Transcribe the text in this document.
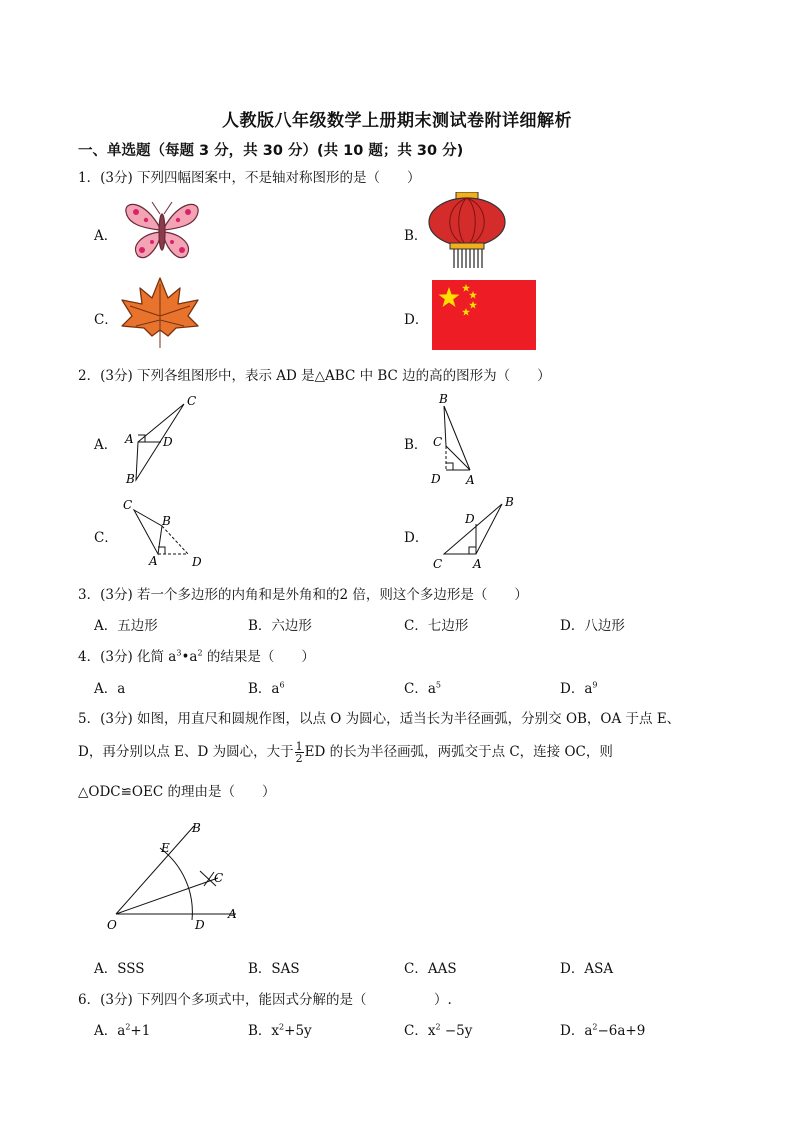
人教版八年级数学上册期末测试卷附详细解析
一、单选题（每题 3 分，共 30 分）(共 10 题；共 30 分)
1．(3分) 下列四幅图案中，不是轴对称图形的是（　　）
A．	B．
C．	D．
2．(3分) 下列各组图形中，表示 AD 是△ABC 中 BC 边的高的图形为（　　）
A．
C
A D
B
B．
B
C
D A
C．
C
B
A	D
D．
B
D
C	A
3．(3分) 若一个多边形的内角和是外角和的2 倍，则这个多边形是（　　）
A．五边形	B．六边形	C．七边形	D．八边形
4．(3分) 化简 $a^3•a^2$ 的结果是（　　）
A．a	B．$a^6$	C．$a^5$	D．$a^9$
5．(3分) 如图，用直尺和圆规作图，以点 O 为圆心，适当长为半径画弧，分别交 OB，OA 于点 E、
D，再分别以点 E、D 为圆心，大于 $\frac{1}{2}$ ED 的长为半径画弧，两弧交于点 C，连接 OC，则
△ODC≌OEC 的理由是（　　）
O	D
A
E
B
C
A．SSS	B．SAS	C．AAS	D．ASA
6．(3分) 下列四个多项式中，能因式分解的是（　　　　　）.
A．$a^2+1$	B．$x^2+5y$	C．$x^2 -5y$	D．$a^2-6a+9$
